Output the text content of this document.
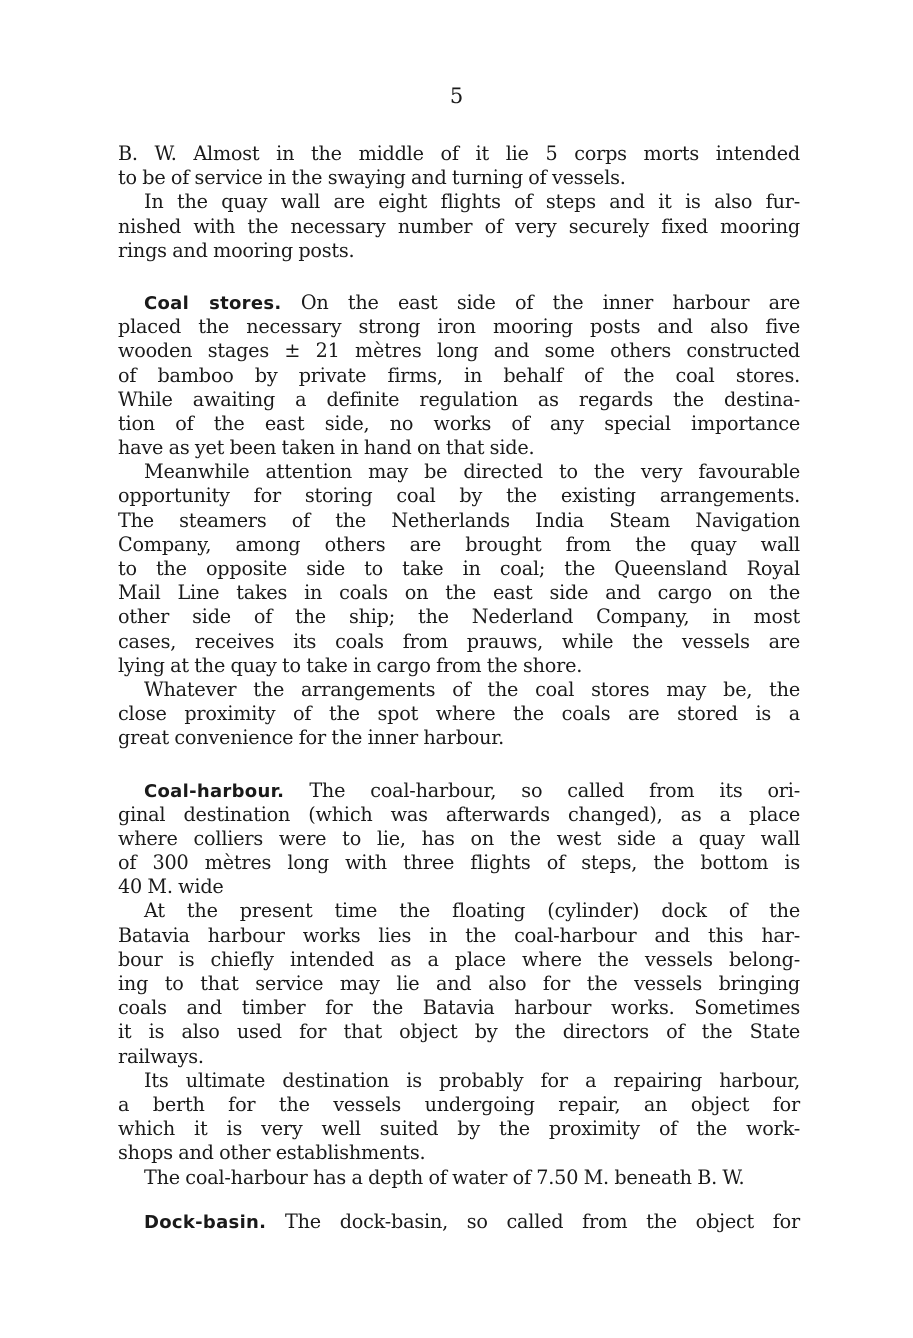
5
B. W. Almost in the middle of it lie 5 corps morts intended
to be of service in the swaying and turning of vessels.
In the quay wall are eight flights of steps and it is also fur-
nished with the necessary number of very securely fixed mooring
rings and mooring posts.
Coal stores. On the east side of the inner harbour are
placed the necessary strong iron mooring posts and also five
wooden stages ± 21 mètres long and some others constructed
of bamboo by private firms, in behalf of the coal stores.
While awaiting a definite regulation as regards the destina-
tion of the east side, no works of any special importance
have as yet been taken in hand on that side.
Meanwhile attention may be directed to the very favourable
opportunity for storing coal by the existing arrangements.
The steamers of the Netherlands India Steam Navigation
Company, among others are brought from the quay wall
to the opposite side to take in coal; the Queensland Royal
Mail Line takes in coals on the east side and cargo on the
other side of the ship; the Nederland Company, in most
cases, receives its coals from prauws, while the vessels are
lying at the quay to take in cargo from the shore.
Whatever the arrangements of the coal stores may be, the
close proximity of the spot where the coals are stored is a
great convenience for the inner harbour.
Coal-harbour. The coal-harbour, so called from its ori-
ginal destination (which was afterwards changed), as a place
where colliers were to lie, has on the west side a quay wall
of 300 mètres long with three flights of steps, the bottom is
40 M. wide
At the present time the floating (cylinder) dock of the
Batavia harbour works lies in the coal-harbour and this har-
bour is chiefly intended as a place where the vessels belong-
ing to that service may lie and also for the vessels bringing
coals and timber for the Batavia harbour works. Sometimes
it is also used for that object by the directors of the State
railways.
Its ultimate destination is probably for a repairing harbour,
a berth for the vessels undergoing repair, an object for
which it is very well suited by the proximity of the work-
shops and other establishments.
The coal-harbour has a depth of water of 7.50 M. beneath B. W.
Dock-basin. The dock-basin, so called from the object for
